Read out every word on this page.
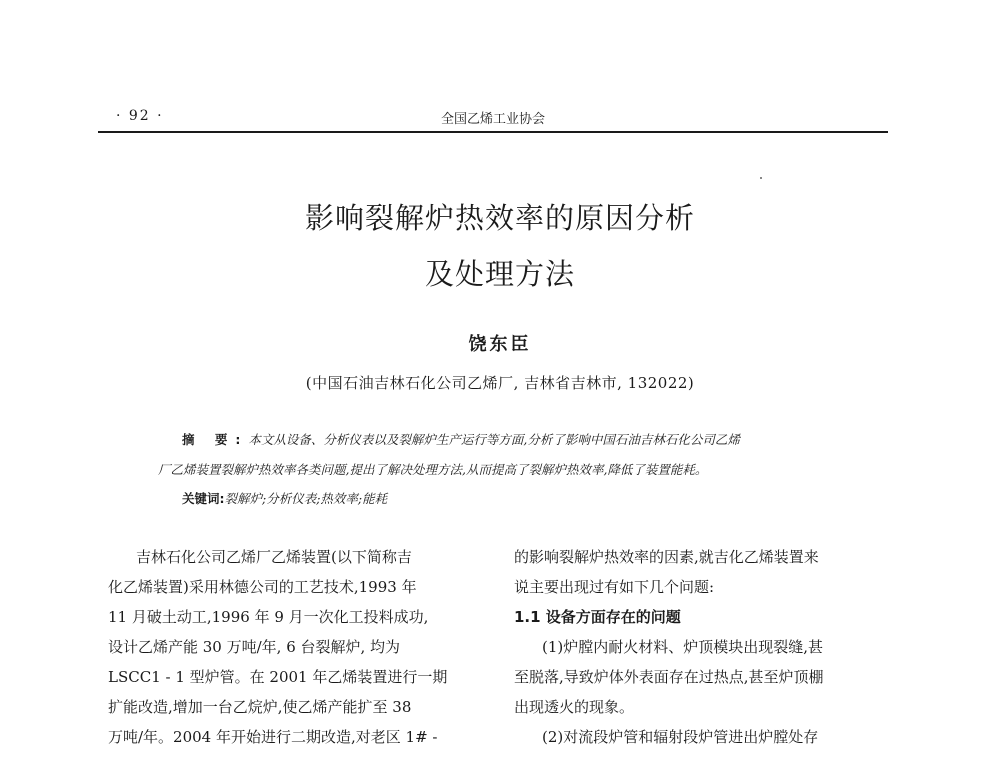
· 92 ·	全国乙烯工业协会
影响裂解炉热效率的原因分析
及处理方法
饶东臣
(中国石油吉林石化公司乙烯厂, 吉林省吉林市, 132022)
摘 要:本文从设备、分析仪表以及裂解炉生产运行等方面,分析了影响中国石油吉林石化公司乙烯
厂乙烯装置裂解炉热效率各类问题,提出了解决处理方法,从而提高了裂解炉热效率,降低了装置能耗。
关键词:裂解炉;分析仪表;热效率;能耗
吉林石化公司乙烯厂乙烯装置(以下简称吉
化乙烯装置)采用林德公司的工艺技术,1993 年
11 月破土动工,1996 年 9 月一次化工投料成功,
设计乙烯产能 30 万吨/年, 6 台裂解炉, 均为
LSCC1 - 1 型炉管。在 2001 年乙烯装置进行一期
扩能改造,增加一台乙烷炉,使乙烯产能扩至 38
万吨/年。2004 年开始进行二期改造,对老区 1# -
的影响裂解炉热效率的因素,就吉化乙烯装置来
说主要出现过有如下几个问题:
1.1 设备方面存在的问题
(1)炉膛内耐火材料、炉顶模块出现裂缝,甚
至脱落,导致炉体外表面存在过热点,甚至炉顶棚
出现透火的现象。
(2)对流段炉管和辐射段炉管进出炉膛处存
